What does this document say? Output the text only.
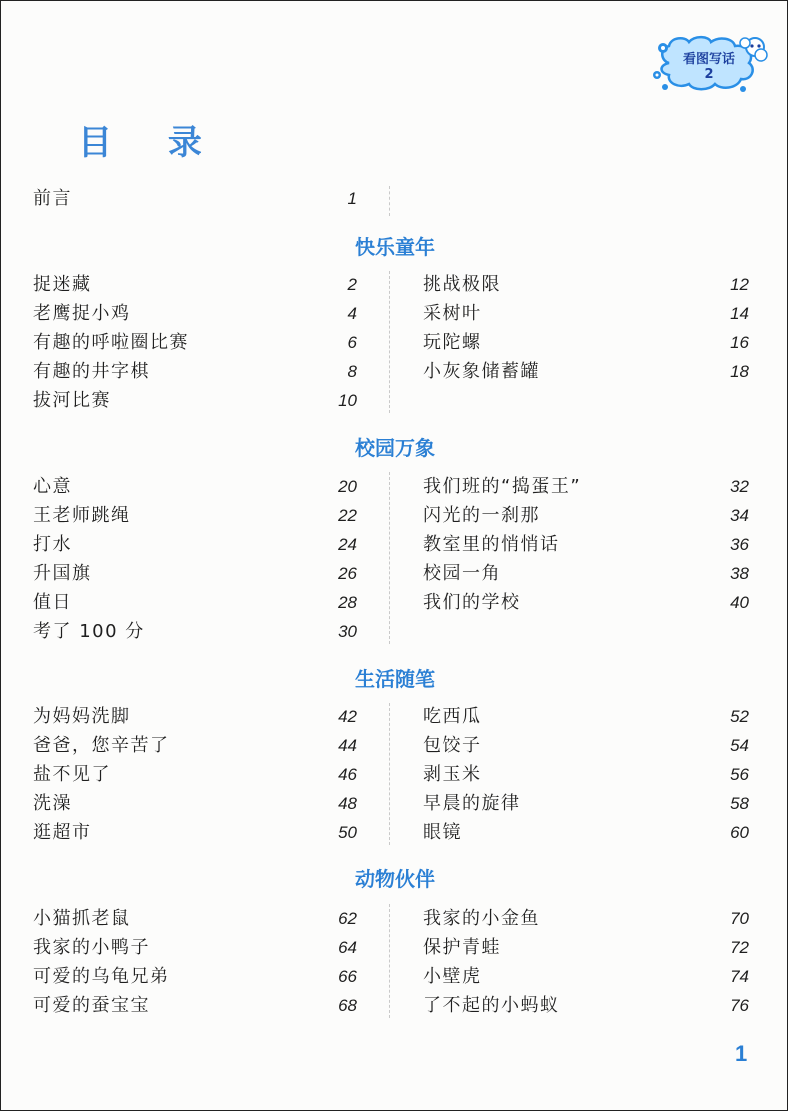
看图写话
2
目 录
前言	1
快乐童年
捉迷藏	2
老鹰捉小鸡	4
有趣的呼啦圈比赛	6
有趣的井字棋	8
拔河比赛	10
挑战极限	12
采树叶	14
玩陀螺	16
小灰象储蓄罐	18
校园万象
心意	20
王老师跳绳	22
打水	24
升国旗	26
值日	28
考了 100 分	30
我们班的“捣蛋王”	32
闪光的一刹那	34
教室里的悄悄话	36
校园一角	38
我们的学校	40
生活随笔
为妈妈洗脚	42
爸爸，您辛苦了	44
盐不见了	46
洗澡	48
逛超市	50
吃西瓜	52
包饺子	54
剥玉米	56
早晨的旋律	58
眼镜	60
动物伙伴
小猫抓老鼠	62
我家的小鸭子	64
可爱的乌龟兄弟	66
可爱的蚕宝宝	68
我家的小金鱼	70
保护青蛙	72
小壁虎	74
了不起的小蚂蚁	76
1
